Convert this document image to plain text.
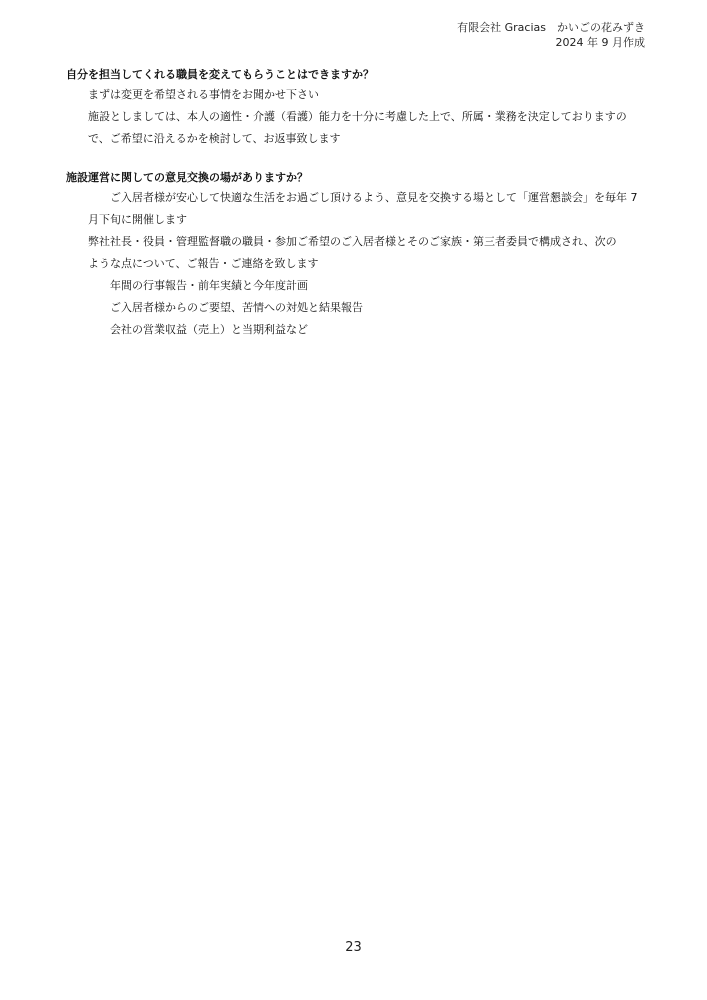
有限会社 Gracias　かいごの花みずき
2024 年 9 月作成

自分を担当してくれる職員を変えてもらうことはできますか？

まずは変更を希望される事情をお聞かせ下さい

施設としましては、本人の適性・介護（看護）能力を十分に考慮した上で、所属・業務を決定しておりますの

で、ご希望に沿えるかを検討して、お返事致します

施設運営に関しての意見交換の場がありますか？

ご入居者様が安心して快適な生活をお過ごし頂けるよう、意見を交換する場として「運営懇談会」を毎年 7

月下旬に開催します

弊社社長・役員・管理監督職の職員・参加ご希望のご入居者様とそのご家族・第三者委員で構成され、次の

ような点について、ご報告・ご連絡を致します

年間の行事報告・前年実績と今年度計画

ご入居者様からのご要望、苦情への対処と結果報告

会社の営業収益（売上）と当期利益など

23
